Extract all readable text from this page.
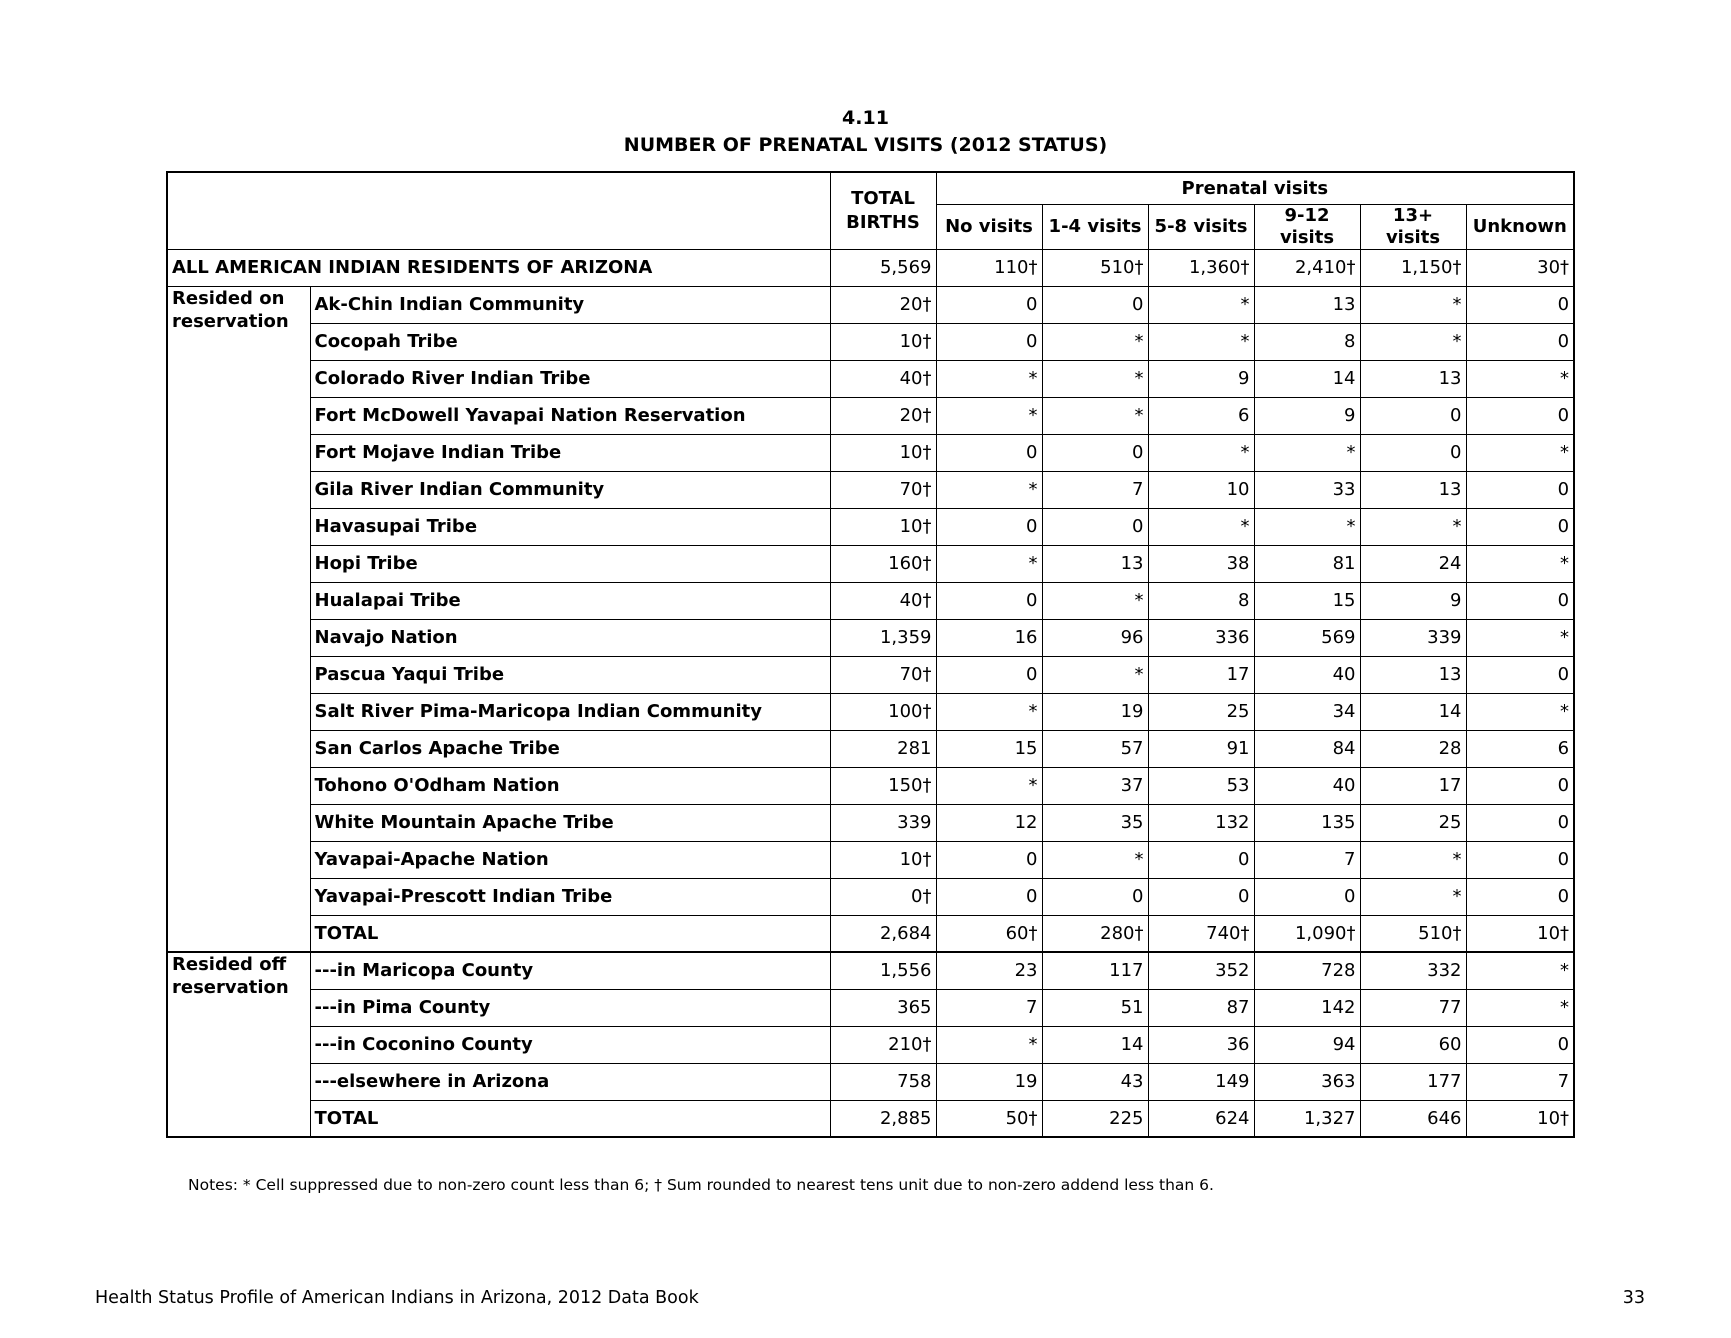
4.11
NUMBER OF PRENATAL VISITS (2012 STATUS)
		TOTAL BIRTHS	Prenatal visits					
			No visits	1-4 visits	5-8 visits	9-12 visits	13+ visits	Unknown
ALL AMERICAN INDIAN RESIDENTS OF ARIZONA		5,569	110†	510†	1,360†	2,410†	1,150†	30†
Resided on reservation	Ak-Chin Indian Community	20†	0	0	*	13	*	0
	Cocopah Tribe	10†	0	*	*	8	*	0
	Colorado River Indian Tribe	40†	*	*	9	14	13	*
	Fort McDowell Yavapai Nation Reservation	20†	*	*	6	9	0	0
	Fort Mojave Indian Tribe	10†	0	0	*	*	0	*
	Gila River Indian Community	70†	*	7	10	33	13	0
	Havasupai Tribe	10†	0	0	*	*	*	0
	Hopi Tribe	160†	*	13	38	81	24	*
	Hualapai Tribe	40†	0	*	8	15	9	0
	Navajo Nation	1,359	16	96	336	569	339	*
	Pascua Yaqui Tribe	70†	0	*	17	40	13	0
	Salt River Pima-Maricopa Indian Community	100†	*	19	25	34	14	*
	San Carlos Apache Tribe	281	15	57	91	84	28	6
	Tohono O'Odham Nation	150†	*	37	53	40	17	0
	White Mountain Apache Tribe	339	12	35	132	135	25	0
	Yavapai-Apache Nation	10†	0	*	0	7	*	0
	Yavapai-Prescott Indian Tribe	0†	0	0	0	0	*	0
	TOTAL	2,684	60†	280†	740†	1,090†	510†	10†
Resided off reservation	---in Maricopa County	1,556	23	117	352	728	332	*
	---in Pima County	365	7	51	87	142	77	*
	---in Coconino County	210†	*	14	36	94	60	0
	---elsewhere in Arizona	758	19	43	149	363	177	7
	TOTAL	2,885	50†	225	624	1,327	646	10†
Notes: * Cell suppressed due to non-zero count less than 6; † Sum rounded to nearest tens unit due to non-zero addend less than 6.
Health Status Profile of American Indians in Arizona, 2012 Data Book	33
